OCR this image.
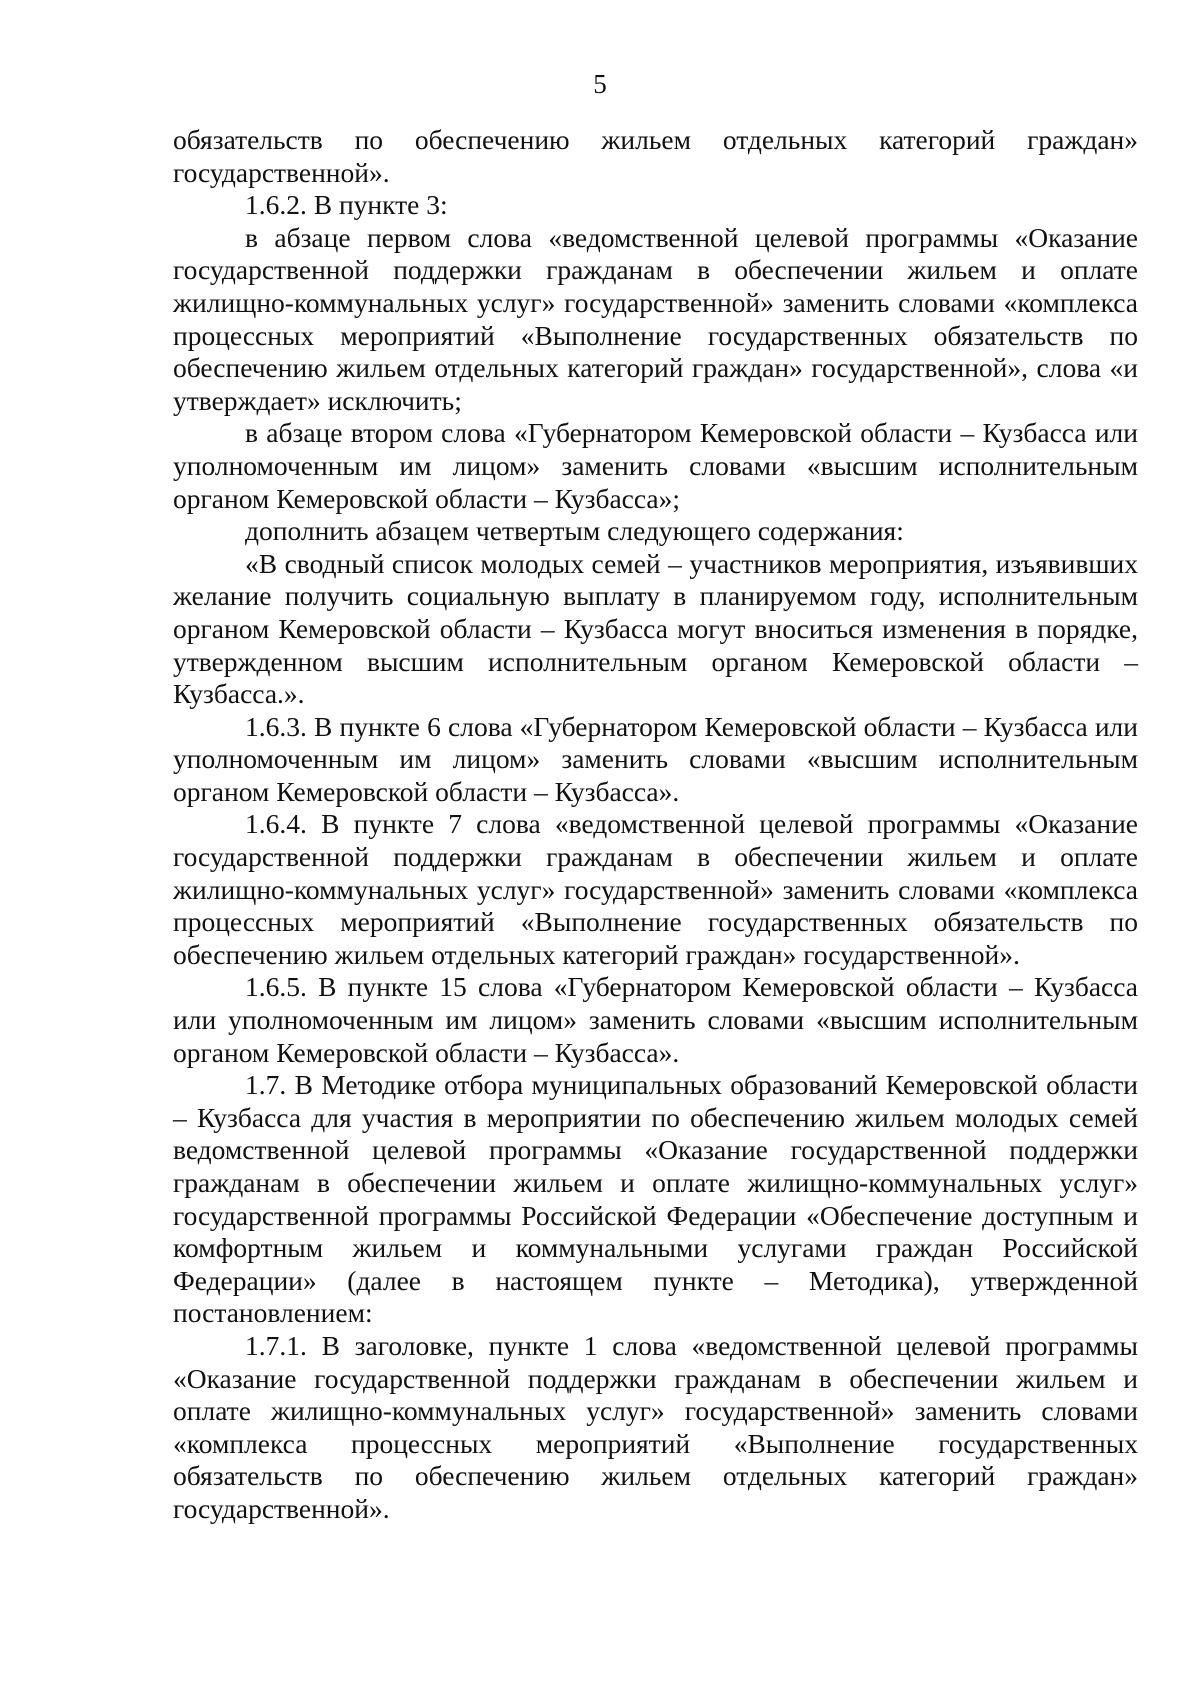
5

обязательств по обеспечению жильем отдельных категорий граждан» государственной».

1.6.2. В пункте 3:

в абзаце первом слова «ведомственной целевой программы «Оказание государственной поддержки гражданам в обеспечении жильем и оплате жилищно-коммунальных услуг» государственной» заменить словами «комплекса процессных мероприятий «Выполнение государственных обязательств по обеспечению жильем отдельных категорий граждан» государственной», слова «и утверждает» исключить;

в абзаце втором слова «Губернатором Кемеровской области – Кузбасса или уполномоченным им лицом» заменить словами «высшим исполнительным органом Кемеровской области – Кузбасса»;

дополнить абзацем четвертым следующего содержания:

«В сводный список молодых семей – участников мероприятия, изъявивших желание получить социальную выплату в планируемом году, исполнительным органом Кемеровской области – Кузбасса могут вноситься изменения в порядке, утвержденном высшим исполнительным органом Кемеровской области – Кузбасса.».

1.6.3. В пункте 6 слова «Губернатором Кемеровской области – Кузбасса или уполномоченным им лицом» заменить словами «высшим исполнительным органом Кемеровской области – Кузбасса».

1.6.4. В пункте 7 слова «ведомственной целевой программы «Оказание государственной поддержки гражданам в обеспечении жильем и оплате жилищно-коммунальных услуг» государственной» заменить словами «комплекса процессных мероприятий «Выполнение государственных обязательств по обеспечению жильем отдельных категорий граждан» государственной».

1.6.5. В пункте 15 слова «Губернатором Кемеровской области – Кузбасса или уполномоченным им лицом» заменить словами «высшим исполнительным органом Кемеровской области – Кузбасса».

1.7. В Методике отбора муниципальных образований Кемеровской области – Кузбасса для участия в мероприятии по обеспечению жильем молодых семей ведомственной целевой программы «Оказание государственной поддержки гражданам в обеспечении жильем и оплате жилищно-коммунальных услуг» государственной программы Российской Федерации «Обеспечение доступным и комфортным жильем и коммунальными услугами граждан Российской Федерации» (далее в настоящем пункте – Методика), утвержденной постановлением:

1.7.1. В заголовке, пункте 1 слова «ведомственной целевой программы «Оказание государственной поддержки гражданам в обеспечении жильем и оплате жилищно-коммунальных услуг» государственной» заменить словами «комплекса процессных мероприятий «Выполнение государственных обязательств по обеспечению жильем отдельных категорий граждан» государственной».
